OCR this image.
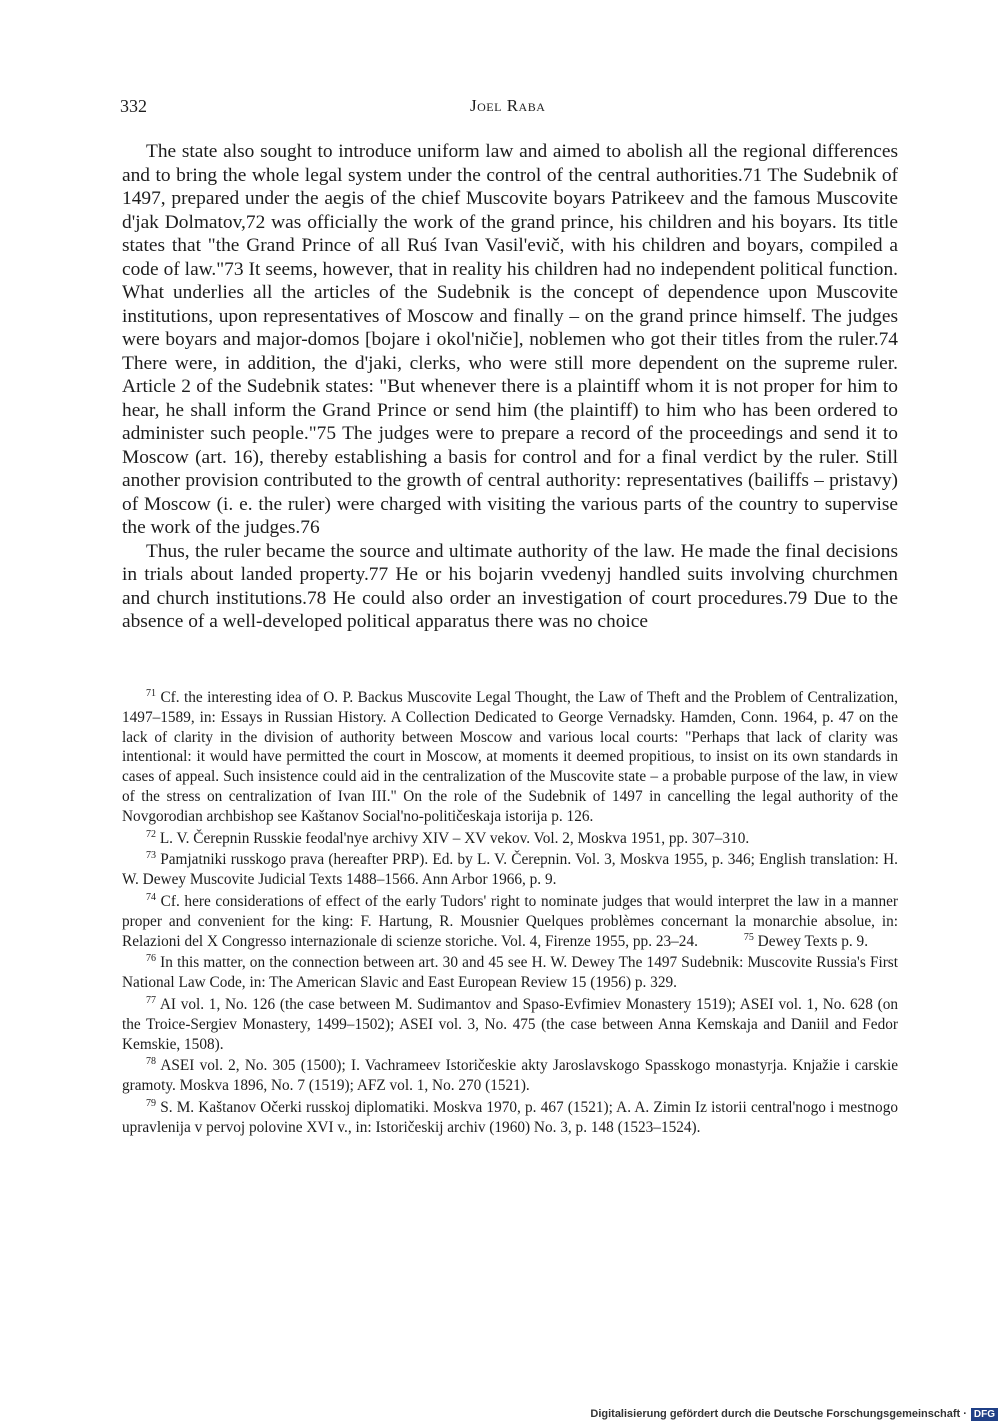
332	Joel Raba

The state also sought to introduce uniform law and aimed to abolish all the regional differences and to bring the whole legal system under the control of the central authorities.71 The Sudebnik of 1497, prepared under the aegis of the chief Muscovite boyars Patrikeev and the famous Muscovite d'jak Dolmatov,72 was officially the work of the grand prince, his children and his boyars. Its title states that "the Grand Prince of all Ruś Ivan Vasil'evič, with his children and boyars, compiled a code of law."73 It seems, however, that in reality his children had no independent political function. What underlies all the articles of the Sudebnik is the concept of dependence upon Muscovite institutions, upon representatives of Moscow and finally – on the grand prince himself. The judges were boyars and major-domos [bojare i okol'ničie], noblemen who got their titles from the ruler.74 There were, in addition, the d'jaki, clerks, who were still more dependent on the supreme ruler. Article 2 of the Sudebnik states: "But whenever there is a plaintiff whom it is not proper for him to hear, he shall inform the Grand Prince or send him (the plaintiff) to him who has been ordered to administer such people."75 The judges were to prepare a record of the proceedings and send it to Moscow (art. 16), thereby establishing a basis for control and for a final verdict by the ruler. Still another provision contributed to the growth of central authority: representatives (bailiffs – pristavy) of Moscow (i. e. the ruler) were charged with visiting the various parts of the country to supervise the work of the judges.76

Thus, the ruler became the source and ultimate authority of the law. He made the final decisions in trials about landed property.77 He or his bojarin vvedenyj handled suits involving churchmen and church institutions.78 He could also order an investigation of court procedures.79 Due to the absence of a well-developed political apparatus there was no choice

$^{71}$ Cf. the interesting idea of O. P. Backus Muscovite Legal Thought, the Law of Theft and the Problem of Centralization, 1497–1589, in: Essays in Russian History. A Collection Dedicated to George Vernadsky. Hamden, Conn. 1964, p. 47 on the lack of clarity in the division of authority between Moscow and various local courts: "Perhaps that lack of clarity was intentional: it would have permitted the court in Moscow, at moments it deemed propitious, to insist on its own standards in cases of appeal. Such insistence could aid in the centralization of the Muscovite state – a probable purpose of the law, in view of the stress on centralization of Ivan III." On the role of the Sudebnik of 1497 in cancelling the legal authority of the Novgorodian archbishop see Kaštanov Social'no-političeskaja istorija p. 126.

$^{72}$ L. V. Čerepnin Russkie feodal'nye archivy XIV – XV vekov. Vol. 2, Moskva 1951, pp. 307–310.

$^{73}$ Pamjatniki russkogo prava (hereafter PRP). Ed. by L. V. Čerepnin. Vol. 3, Moskva 1955, p. 346; English translation: H. W. Dewey Muscovite Judicial Texts 1488–1566. Ann Arbor 1966, p. 9.

$^{74}$ Cf. here considerations of effect of the early Tudors' right to nominate judges that would interpret the law in a manner proper and convenient for the king: F. Hartung, R. Mousnier Quelques problèmes concernant la monarchie absolue, in: Relazioni del X Congresso internazionale di scienze storiche. Vol. 4, Firenze 1955, pp. 23–24.	$^{75}$ Dewey Texts p. 9.

$^{76}$ In this matter, on the connection between art. 30 and 45 see H. W. Dewey The 1497 Sudebnik: Muscovite Russia's First National Law Code, in: The American Slavic and East European Review 15 (1956) p. 329.

$^{77}$ AI vol. 1, No. 126 (the case between M. Sudimantov and Spaso-Evfimiev Monastery 1519); ASEI vol. 1, No. 628 (on the Troice-Sergiev Monastery, 1499–1502); ASEI vol. 3, No. 475 (the case between Anna Kemskaja and Daniil and Fedor Kemskie, 1508).

$^{78}$ ASEI vol. 2, No. 305 (1500); I. Vachrameev Istoričeskie akty Jaroslavskogo Spasskogo monastyrja. Knjažie i carskie gramoty. Moskva 1896, No. 7 (1519); AFZ vol. 1, No. 270 (1521).

$^{79}$ S. M. Kaštanov Očerki russkoj diplomatiki. Moskva 1970, p. 467 (1521); A. A. Zimin Iz istorii central'nogo i mestnogo upravlenija v pervoj polovine XVI v., in: Istoričeskij archiv (1960) No. 3, p. 148 (1523–1524).

Digitalisierung gefördert durch die Deutsche Forschungsgemeinschaft · DFG
